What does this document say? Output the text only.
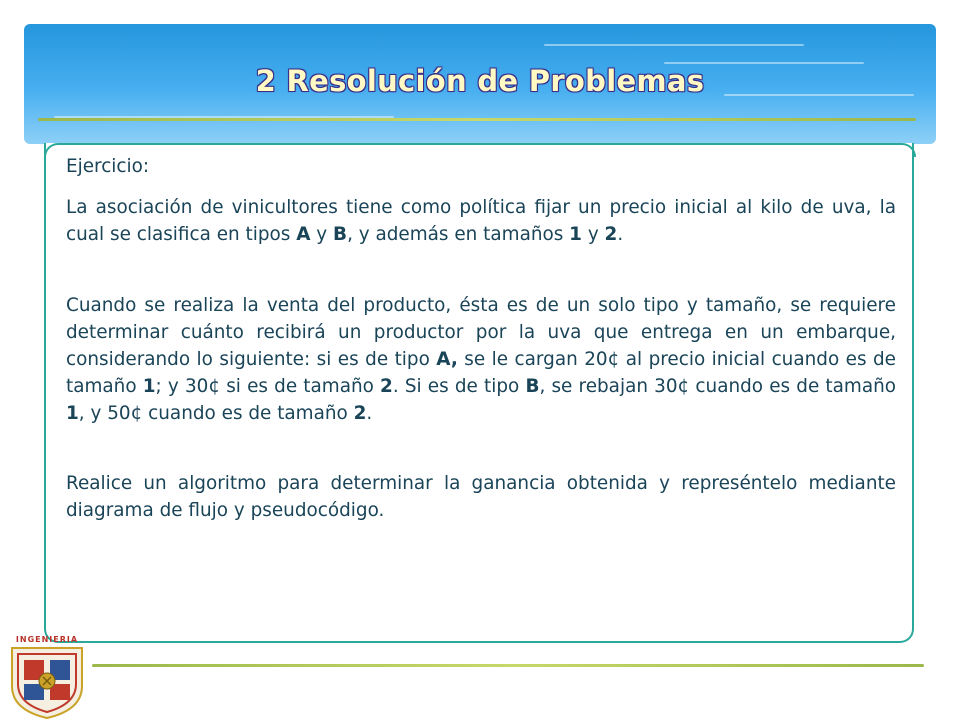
2 Resolución de Problemas

Ejercicio:

La asociación de vinicultores tiene como política fijar un precio inicial al kilo de uva, la cual se clasifica en tipos A y B, y además en tamaños 1 y 2.

Cuando se realiza la venta del producto, ésta es de un solo tipo y tamaño, se requiere determinar cuánto recibirá un productor por la uva que entrega en un embarque, considerando lo siguiente: si es de tipo A, se le cargan 20¢ al precio inicial cuando es de tamaño 1; y 30¢ si es de tamaño 2. Si es de tipo B, se rebajan 30¢ cuando es de tamaño 1, y 50¢ cuando es de tamaño 2.

Realice un algoritmo para determinar la ganancia obtenida y represéntelo mediante diagrama de flujo y pseudocódigo.

INGENIERIA
